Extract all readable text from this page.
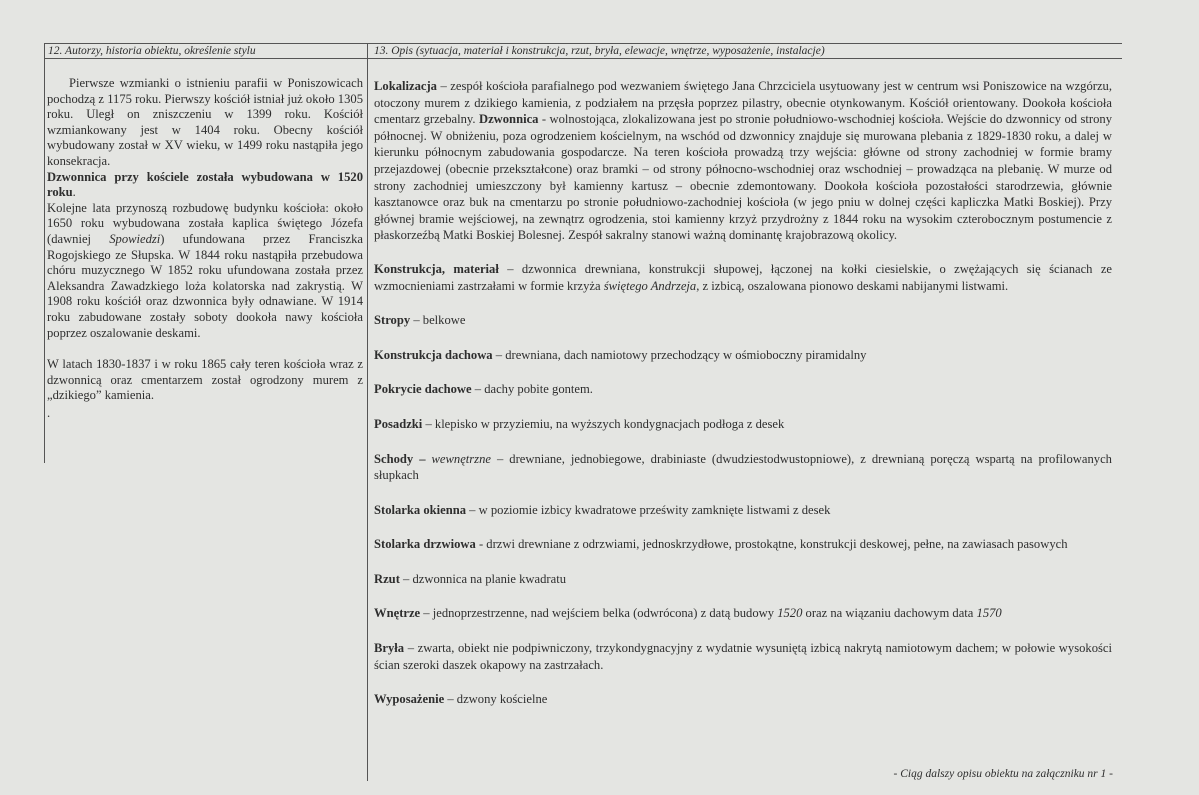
12. Autorzy, historia obiektu, określenie stylu	13. Opis (sytuacja, materiał i konstrukcja, rzut, bryła, elewacje, wnętrze, wyposażenie, instalacje)

Pierwsze wzmianki o istnieniu parafii w Poniszowicach pochodzą z 1175 roku. Pierwszy kościół istniał już około 1305 roku. Uległ on zniszczeniu w 1399 roku. Kościół wzmiankowany jest w 1404 roku. Obecny kościół wybudowany został w XV wieku, w 1499 roku nastąpiła jego konsekracja.

Dzwonnica przy kościele została wybudowana w 1520 roku.

Kolejne lata przynoszą rozbudowę budynku kościoła: około 1650 roku wybudowana została kaplica świętego Józefa (dawniej Spowiedzi) ufundowana przez Franciszka Rogojskiego ze Słupska. W 1844 roku nastąpiła przebudowa chóru muzycznego W 1852 roku ufundowana została przez Aleksandra Zawadzkiego loża kolatorska nad zakrystią. W 1908 roku kościół oraz dzwonnica były odnawiane. W 1914 roku zabudowane zostały soboty dookoła nawy kościoła poprzez oszalowanie deskami.

W latach 1830-1837 i w roku 1865 cały teren kościoła wraz z dzwonnicą oraz cmentarzem został ogrodzony murem z „dzikiego” kamienia.

.

Lokalizacja – zespół kościoła parafialnego pod wezwaniem świętego Jana Chrzciciela usytuowany jest w centrum wsi Poniszowice na wzgórzu, otoczony murem z dzikiego kamienia, z podziałem na przęsła poprzez pilastry, obecnie otynkowanym. Kościół orientowany. Dookoła kościoła cmentarz grzebalny. Dzwonnica - wolnostojąca, zlokalizowana jest po stronie południowo-wschodniej kościoła. Wejście do dzwonnicy od strony północnej. W obniżeniu, poza ogrodzeniem kościelnym, na wschód od dzwonnicy znajduje się murowana plebania z 1829-1830 roku, a dalej w kierunku północnym zabudowania gospodarcze. Na teren kościoła prowadzą trzy wejścia: główne od strony zachodniej w formie bramy przejazdowej (obecnie przekształcone) oraz bramki – od strony północno-wschodniej oraz wschodniej – prowadząca na plebanię. W murze od strony zachodniej umieszczony był kamienny kartusz – obecnie zdemontowany. Dookoła kościoła pozostałości starodrzewia, głównie kasztanowce oraz buk na cmentarzu po stronie południowo-zachodniej kościoła (w jego pniu w dolnej części kapliczka Matki Boskiej). Przy głównej bramie wejściowej, na zewnątrz ogrodzenia, stoi kamienny krzyż przydrożny z 1844 roku na wysokim czterobocznym postumencie z płaskorzeźbą Matki Boskiej Bolesnej. Zespół sakralny stanowi ważną dominantę krajobrazową okolicy.

Konstrukcja, materiał – dzwonnica drewniana, konstrukcji słupowej, łączonej na kołki ciesielskie, o zwężających się ścianach ze wzmocnieniami zastrzałami w formie krzyża świętego Andrzeja, z izbicą, oszalowana pionowo deskami nabijanymi listwami.

Stropy – belkowe

Konstrukcja dachowa – drewniana, dach namiotowy przechodzący w ośmioboczny piramidalny

Pokrycie dachowe – dachy pobite gontem.

Posadzki – klepisko w przyziemiu, na wyższych kondygnacjach podłoga z desek

Schody – wewnętrzne – drewniane, jednobiegowe, drabiniaste (dwudziestodwustopniowe), z drewnianą poręczą wspartą na profilowanych słupkach

Stolarka okienna – w poziomie izbicy kwadratowe prześwity zamknięte listwami z desek

Stolarka drzwiowa - drzwi drewniane z odrzwiami, jednoskrzydłowe, prostokątne, konstrukcji deskowej, pełne, na zawiasach pasowych

Rzut – dzwonnica na planie kwadratu

Wnętrze – jednoprzestrzenne, nad wejściem belka (odwrócona) z datą budowy 1520 oraz na wiązaniu dachowym data 1570

Bryła – zwarta, obiekt nie podpiwniczony, trzykondygnacyjny z wydatnie wysuniętą izbicą nakrytą namiotowym dachem; w połowie wysokości ścian szeroki daszek okapowy na zastrzałach.

Wyposażenie – dzwony kościelne

- Ciąg dalszy opisu obiektu na załączniku nr 1 -
